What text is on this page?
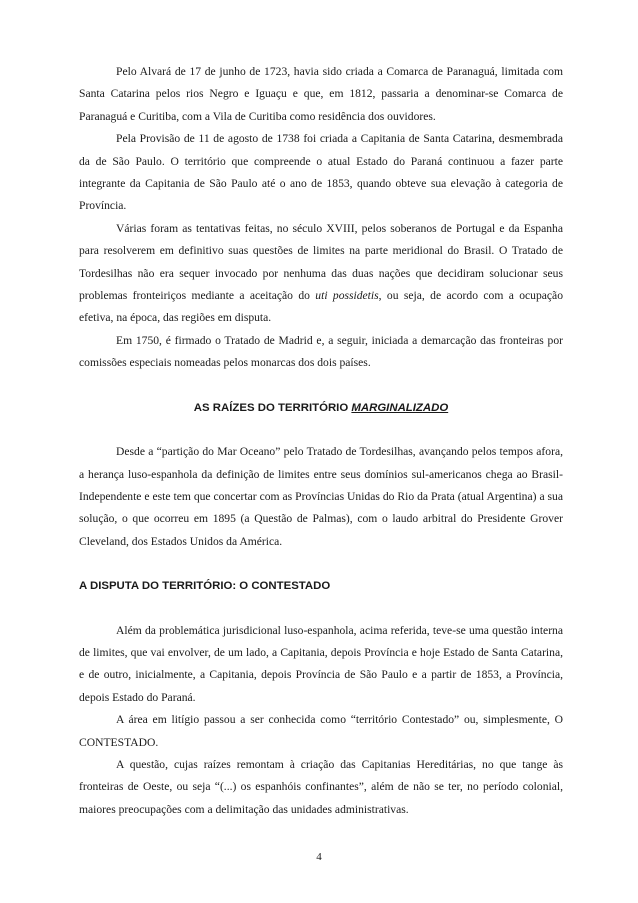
Pelo Alvará de 17 de junho de 1723, havia sido criada a Comarca de Paranaguá, limitada com Santa Catarina pelos rios Negro e Iguaçu e que, em 1812, passaria a denominar-se Comarca de Paranaguá e Curitiba, com a Vila de Curitiba como residência dos ouvidores.

Pela Provisão de 11 de agosto de 1738 foi criada a Capitania de Santa Catarina, desmembrada da de São Paulo. O território que compreende o atual Estado do Paraná continuou a fazer parte integrante da Capitania de São Paulo até o ano de 1853, quando obteve sua elevação à categoria de Província.

Várias foram as tentativas feitas, no século XVIII, pelos soberanos de Portugal e da Espanha para resolverem em definitivo suas questões de limites na parte meridional do Brasil. O Tratado de Tordesilhas não era sequer invocado por nenhuma das duas nações que decidiram solucionar seus problemas fronteiriços mediante a aceitação do uti possidetis, ou seja, de acordo com a ocupação efetiva, na época, das regiões em disputa.

Em 1750, é firmado o Tratado de Madrid e, a seguir, iniciada a demarcação das fronteiras por comissões especiais nomeadas pelos monarcas dos dois países.

AS RAÍZES DO TERRITÓRIO MARGINALIZADO

Desde a “partição do Mar Oceano” pelo Tratado de Tordesilhas, avançando pelos tempos afora, a herança luso-espanhola da definição de limites entre seus domínios sul-americanos chega ao Brasil-Independente e este tem que concertar com as Províncias Unidas do Rio da Prata (atual Argentina) a sua solução, o que ocorreu em 1895 (a Questão de Palmas), com o laudo arbitral do Presidente Grover Cleveland, dos Estados Unidos da América.

A DISPUTA DO TERRITÓRIO: O CONTESTADO

Além da problemática jurisdicional luso-espanhola, acima referida, teve-se uma questão interna de limites, que vai envolver, de um lado, a Capitania, depois Província e hoje Estado de Santa Catarina, e de outro, inicialmente, a Capitania, depois Província de São Paulo e a partir de 1853, a Província, depois Estado do Paraná.

A área em litígio passou a ser conhecida como “território Contestado” ou, simplesmente, O CONTESTADO.

A questão, cujas raízes remontam à criação das Capitanias Hereditárias, no que tange às fronteiras de Oeste, ou seja “(...) os espanhóis confinantes”, além de não se ter, no período colonial, maiores preocupações com a delimitação das unidades administrativas.

4
